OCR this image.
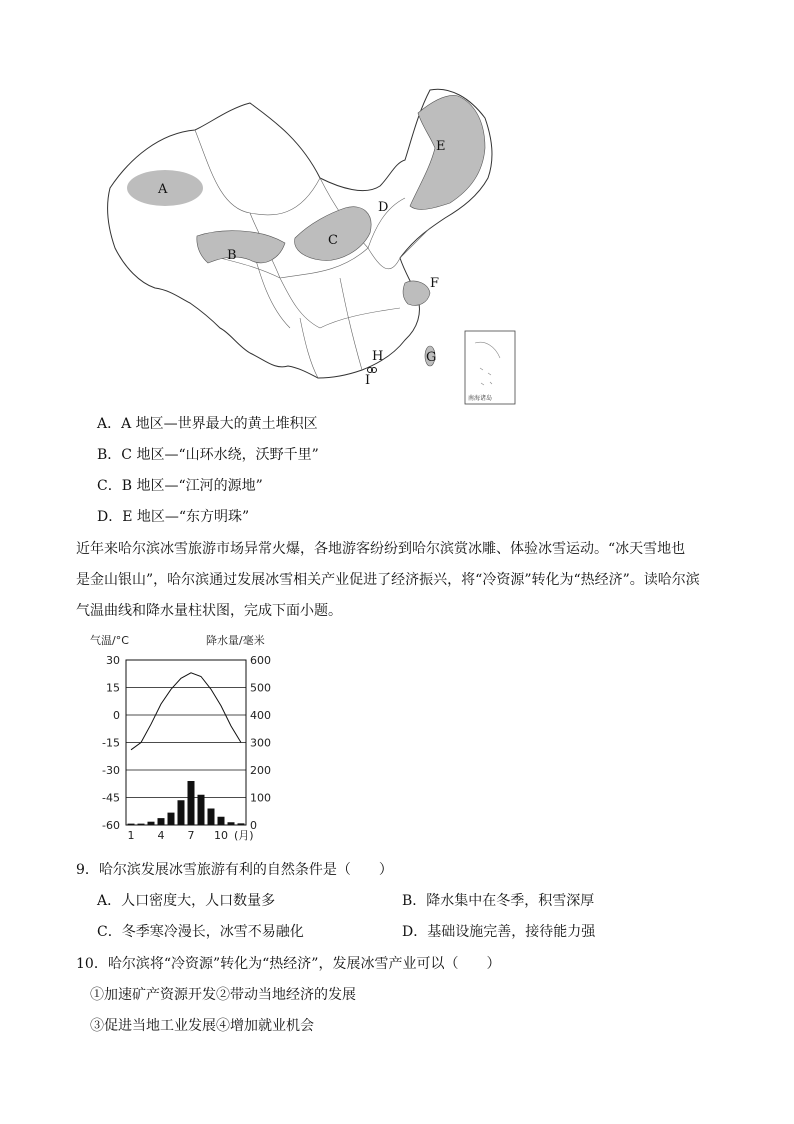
A
B
C
D
E
F
G
H
I
南海诸岛
A．A 地区—世界最大的黄土堆积区
B．C 地区—“山环水绕，沃野千里”
C．B 地区—“江河的源地”
D．E 地区—“东方明珠”
近年来哈尔滨冰雪旅游市场异常火爆，各地游客纷纷到哈尔滨赏冰雕、体验冰雪运动。“冰天雪地也
是金山银山”，哈尔滨通过发展冰雪相关产业促进了经济振兴，将“冷资源”转化为“热经济”。读哈尔滨
气温曲线和降水量柱状图，完成下面小题。
气温/°C	降水量/毫米
30
15
0
-15
-30
-45
-60
600
500
400
300
200
100
0
1 4 7 10 (月)
9．哈尔滨发展冰雪旅游有利的自然条件是（　　）
A．人口密度大，人口数量多	B．降水集中在冬季，积雪深厚
C．冬季寒冷漫长，冰雪不易融化	D．基础设施完善，接待能力强
10．哈尔滨将“冷资源”转化为“热经济”，发展冰雪产业可以（　　）
①加速矿产资源开发②带动当地经济的发展
③促进当地工业发展④增加就业机会
